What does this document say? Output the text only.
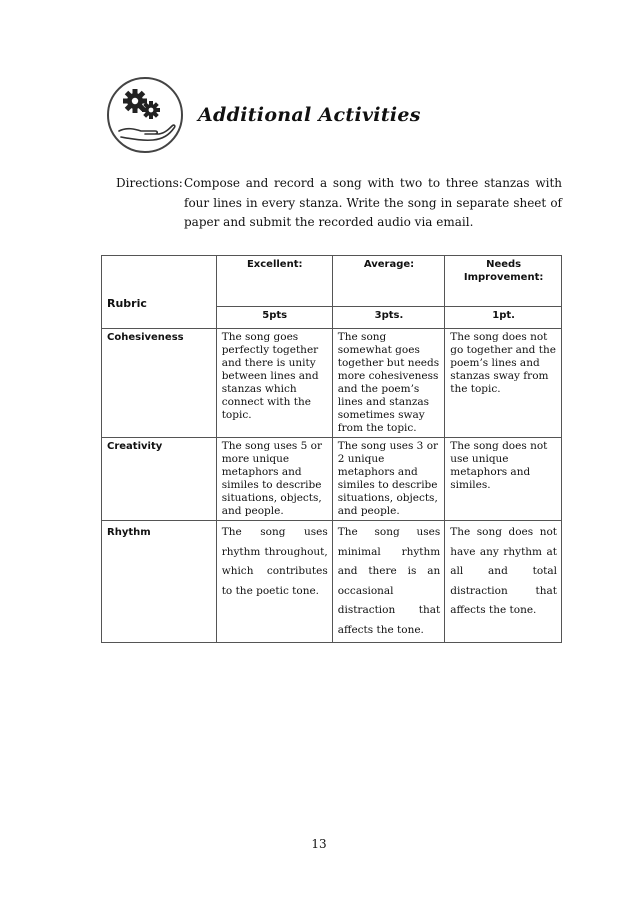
Additional Activities
Directions: Compose and record a song with two to three stanzas with four lines in every stanza. Write the song in separate sheet of paper and submit the recorded audio via email.
Rubric	Excellent:	Average:	Needs Improvement:
	5pts	3pts.	1pt.
Cohesiveness	The song goes perfectly together and there is unity between lines and stanzas which connect with the topic.	The song somewhat goes together but needs more cohesiveness and the poem’s lines and stanzas sometimes sway from the topic.	The song does not go together and the poem’s lines and stanzas sway from the topic.
Creativity	The song uses 5 or more unique metaphors and similes to describe situations, objects, and people.	The song uses 3 or 2 unique metaphors and similes to describe situations, objects, and people.	The song does not use unique metaphors and similes.
Rhythm	The song uses rhythm throughout, which contributes to the poetic tone.	The song uses minimal rhythm and there is an occasional distraction that affects the tone.	The song does not have any rhythm at all and total distraction that affects the tone.
13
